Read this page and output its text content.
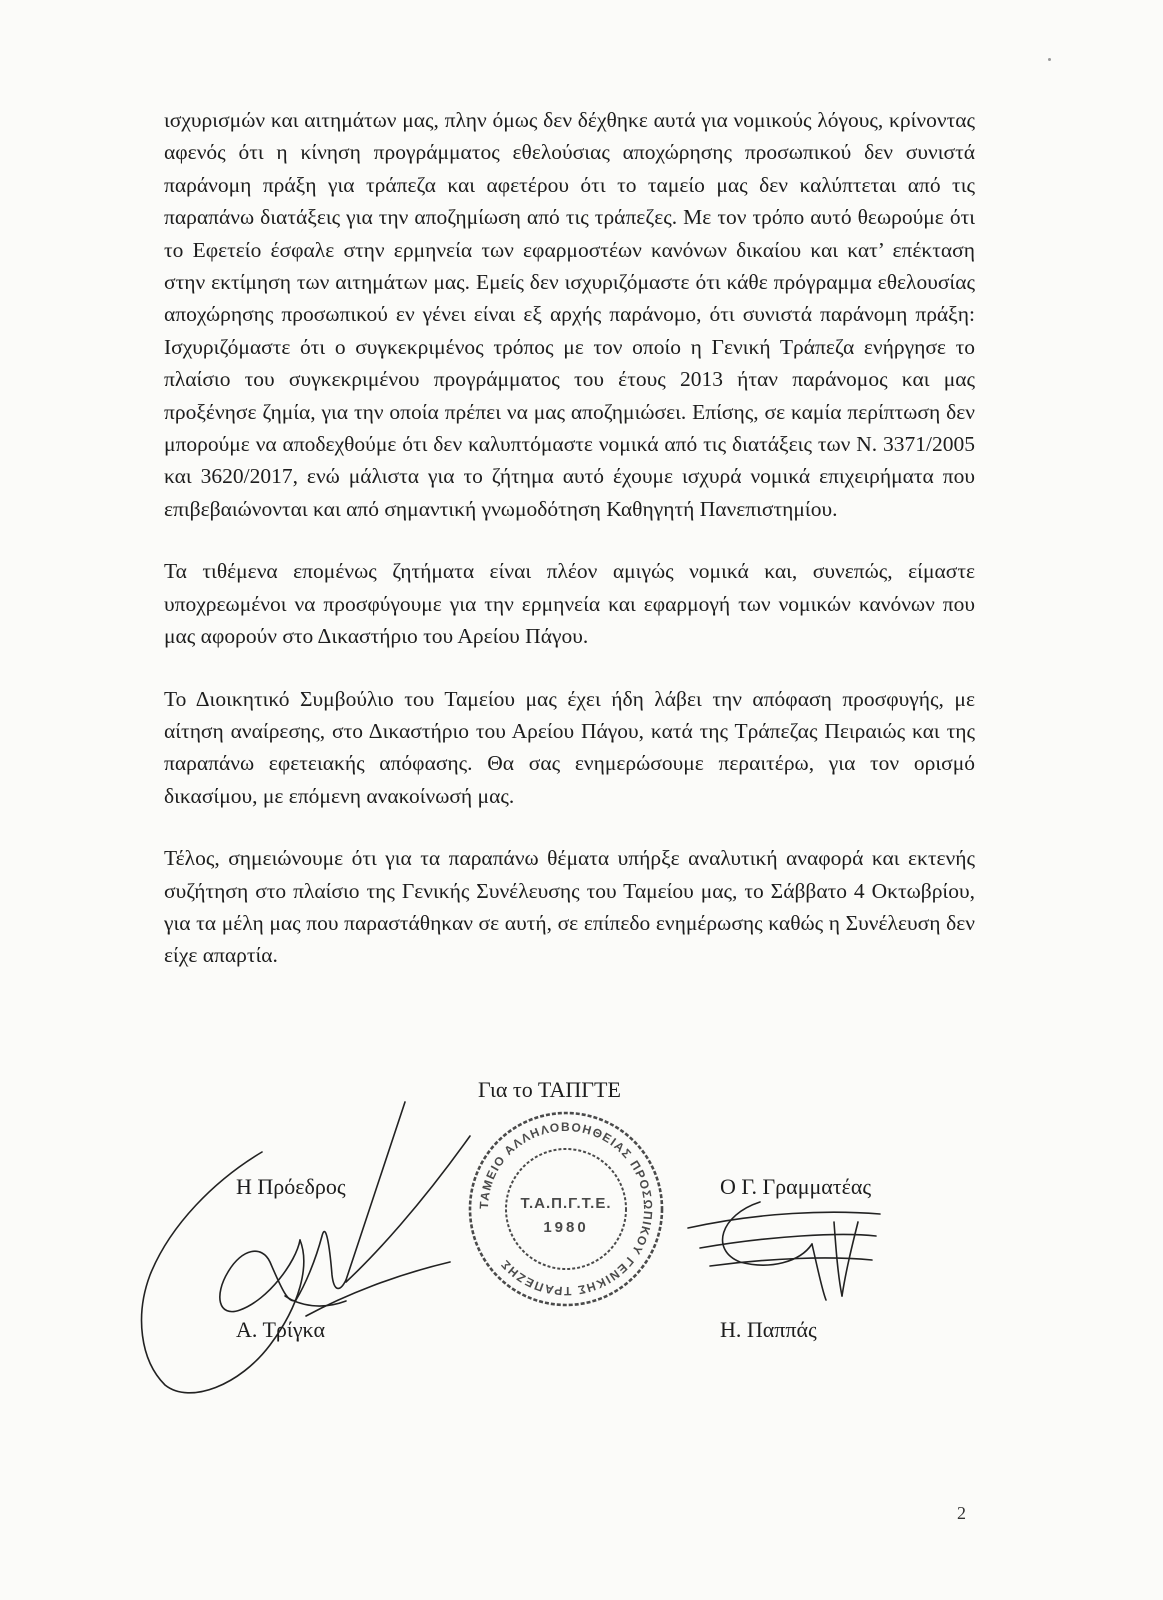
ισχυρισμών και αιτημάτων μας, πλην όμως δεν δέχθηκε αυτά για νομικούς λόγους, κρίνοντας αφενός ότι η κίνηση προγράμματος εθελούσιας αποχώρησης προσωπικού δεν συνιστά παράνομη πράξη για τράπεζα και αφετέρου ότι το ταμείο μας δεν καλύπτεται από τις παραπάνω διατάξεις για την αποζημίωση από τις τράπεζες. Με τον τρόπο αυτό θεωρούμε ότι το Εφετείο έσφαλε στην ερμηνεία των εφαρμοστέων κανόνων δικαίου και κατ’ επέκταση στην εκτίμηση των αιτημάτων μας. Εμείς δεν ισχυριζόμαστε ότι κάθε πρόγραμμα εθελουσίας αποχώρησης προσωπικού εν γένει είναι εξ αρχής παράνομο, ότι συνιστά παράνομη πράξη: Ισχυριζόμαστε ότι ο συγκεκριμένος τρόπος με τον οποίο η Γενική Τράπεζα ενήργησε το πλαίσιο του συγκεκριμένου προγράμματος του έτους 2013 ήταν παράνομος και μας προξένησε ζημία, για την οποία πρέπει να μας αποζημιώσει. Επίσης, σε καμία περίπτωση δεν μπορούμε να αποδεχθούμε ότι δεν καλυπτόμαστε νομικά από τις διατάξεις των Ν. 3371/2005 και 3620/2017, ενώ μάλιστα για το ζήτημα αυτό έχουμε ισχυρά νομικά επιχειρήματα που επιβεβαιώνονται και από σημαντική γνωμοδότηση Καθηγητή Πανεπιστημίου.

Τα τιθέμενα επομένως ζητήματα είναι πλέον αμιγώς νομικά και, συνεπώς, είμαστε υποχρεωμένοι να προσφύγουμε για την ερμηνεία και εφαρμογή των νομικών κανόνων που μας αφορούν στο Δικαστήριο του Αρείου Πάγου.

Το Διοικητικό Συμβούλιο του Ταμείου μας έχει ήδη λάβει την απόφαση προσφυγής, με αίτηση αναίρεσης, στο Δικαστήριο του Αρείου Πάγου, κατά της Τράπεζας Πειραιώς και της παραπάνω εφετειακής απόφασης. Θα σας ενημερώσουμε περαιτέρω, για τον ορισμό δικασίμου, με επόμενη ανακοίνωσή μας.

Τέλος, σημειώνουμε ότι για τα παραπάνω θέματα υπήρξε αναλυτική αναφορά και εκτενής συζήτηση στο πλαίσιο της Γενικής Συνέλευσης του Ταμείου μας, το Σάββατο 4 Οκτωβρίου, για τα μέλη μας που παραστάθηκαν σε αυτή, σε επίπεδο ενημέρωσης καθώς η Συνέλευση δεν είχε απαρτία.

Για το ΤΑΠΓΤΕ
Η Πρόεδρος
Α. Τρίγκα
Ο Γ. Γραμματέας
Η. Παππάς
ΤΑΜΕΙΟ ΑΛΛΗΛΟΒΟΗΘΕΙΑΣ ΠΡΟΣΩΠΙΚΟΥ ΓΕΝΙΚΗΣ ΤΡΑΠΕΖΗΣ
Τ.Α.Π.Γ.Τ.Ε.
1980
2
